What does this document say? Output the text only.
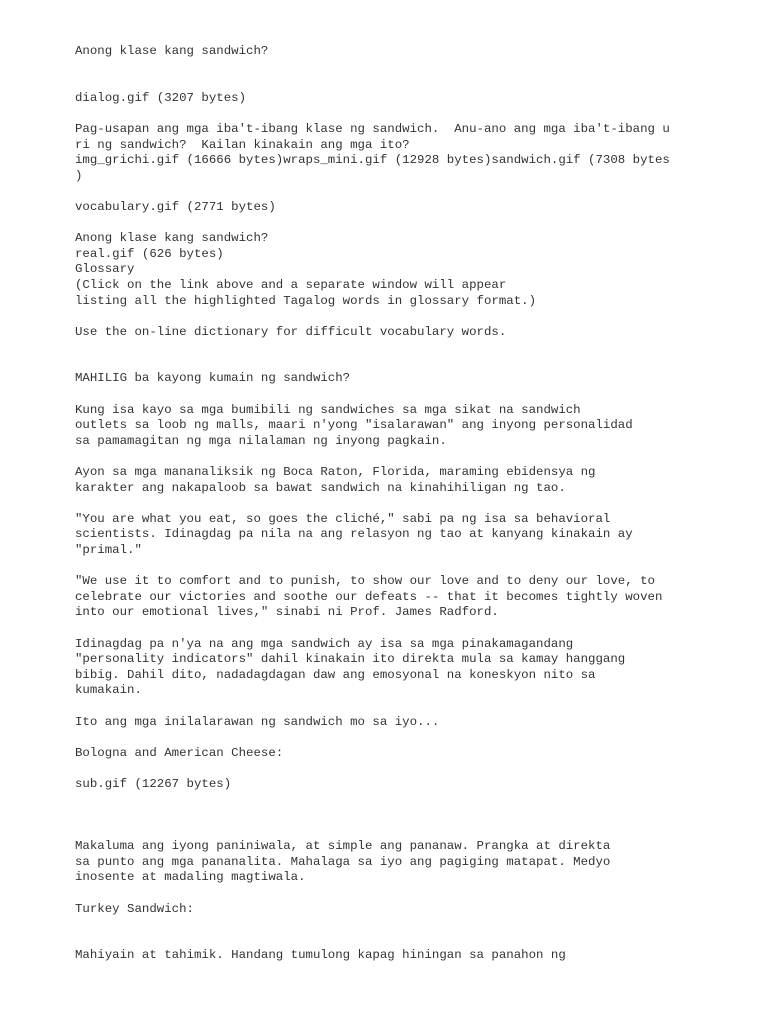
Anong klase kang sandwich?
dialog.gif (3207 bytes)
Pag-usapan ang mga iba't-ibang klase ng sandwich.  Anu-ano ang mga iba't-ibang u
ri ng sandwich?  Kailan kinakain ang mga ito?
img_grichi.gif (16666 bytes)wraps_mini.gif (12928 bytes)sandwich.gif (7308 bytes
)
vocabulary.gif (2771 bytes)
Anong klase kang sandwich?
real.gif (626 bytes)
Glossary
(Click on the link above and a separate window will appear
listing all the highlighted Tagalog words in glossary format.)
Use the on-line dictionary for difficult vocabulary words.
MAHILIG ba kayong kumain ng sandwich?
Kung isa kayo sa mga bumibili ng sandwiches sa mga sikat na sandwich
outlets sa loob ng malls, maari n'yong "isalarawan" ang inyong personalidad
sa pamamagitan ng mga nilalaman ng inyong pagkain.
Ayon sa mga mananaliksik ng Boca Raton, Florida, maraming ebidensya ng
karakter ang nakapaloob sa bawat sandwich na kinahihiligan ng tao.
"You are what you eat, so goes the cliché," sabi pa ng isa sa behavioral
scientists. Idinagdag pa nila na ang relasyon ng tao at kanyang kinakain ay
"primal."
"We use it to comfort and to punish, to show our love and to deny our love, to
celebrate our victories and soothe our defeats -- that it becomes tightly woven
into our emotional lives," sinabi ni Prof. James Radford.
Idinagdag pa n'ya na ang mga sandwich ay isa sa mga pinakamagandang
"personality indicators" dahil kinakain ito direkta mula sa kamay hanggang
bibig. Dahil dito, nadadagdagan daw ang emosyonal na koneskyon nito sa
kumakain.
Ito ang mga inilalarawan ng sandwich mo sa iyo...
Bologna and American Cheese:
sub.gif (12267 bytes)
Makaluma ang iyong paniniwala, at simple ang pananaw. Prangka at direkta
sa punto ang mga pananalita. Mahalaga sa iyo ang pagiging matapat. Medyo
inosente at madaling magtiwala.
Turkey Sandwich:
Mahiyain at tahimik. Handang tumulong kapag hiningan sa panahon ng
